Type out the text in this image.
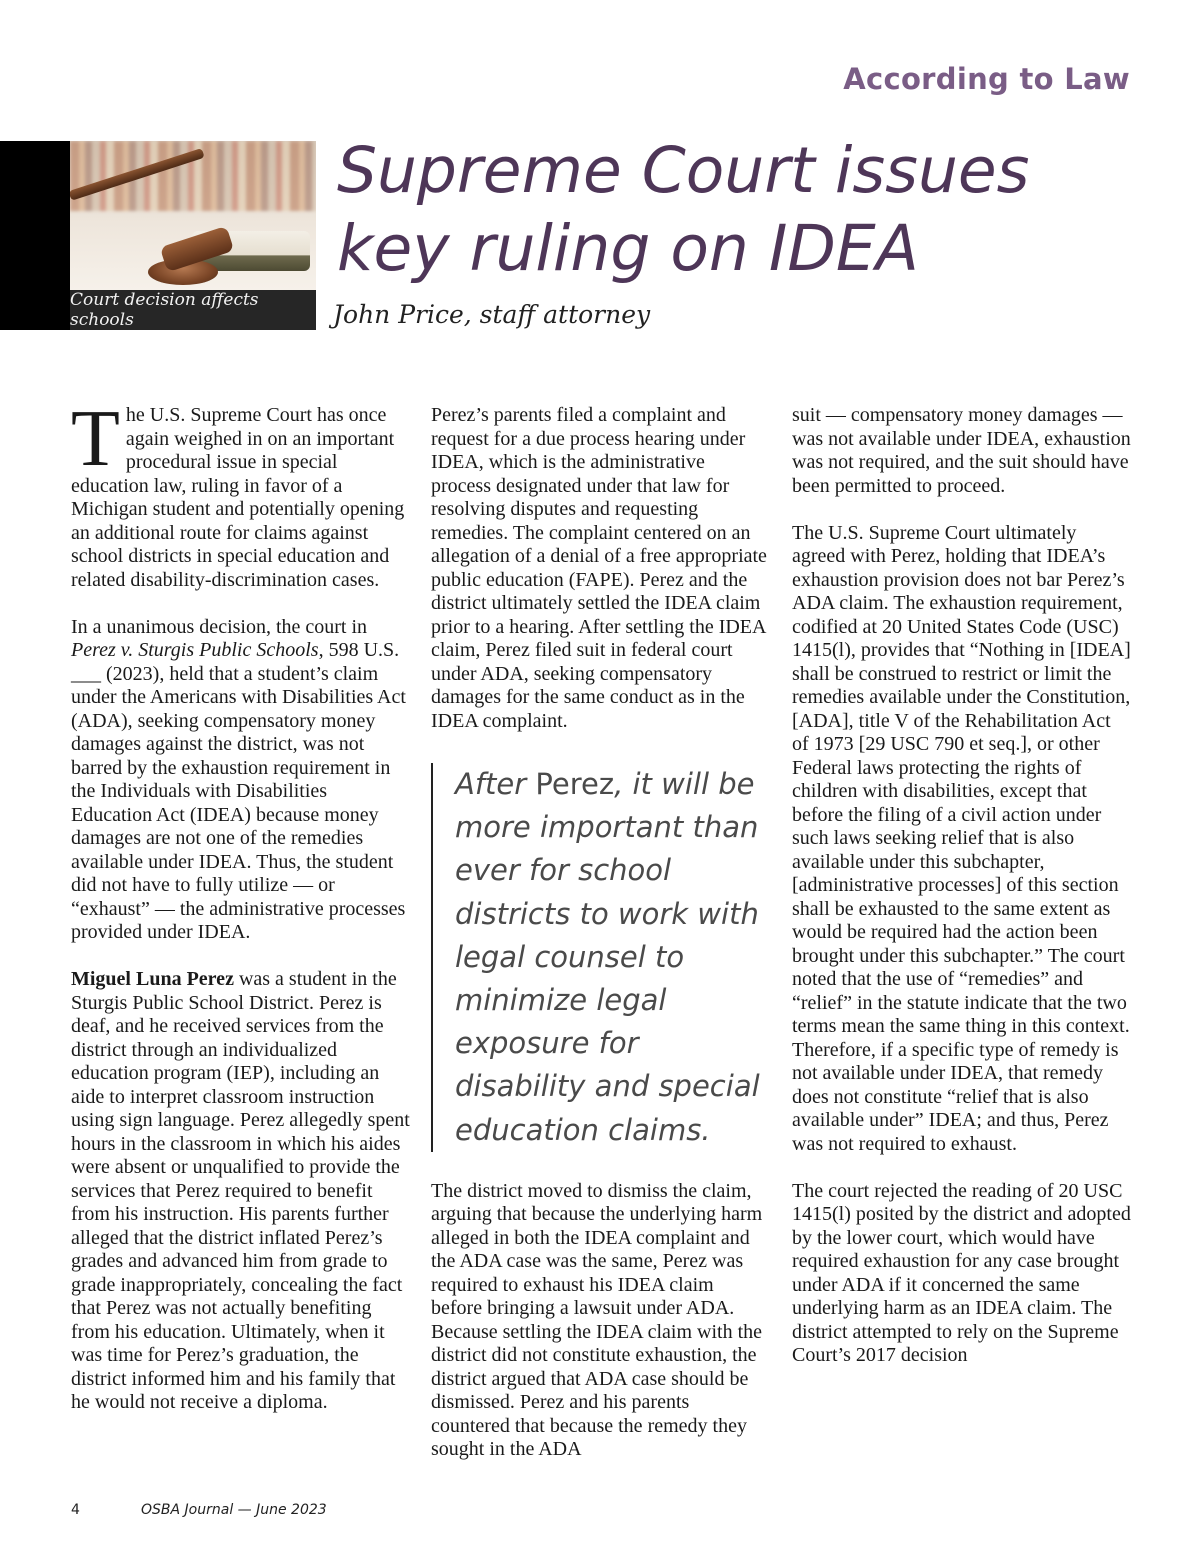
According to Law
Court decision affects schools
Supreme Court issues key ruling on IDEA
John Price, staff attorney

The U.S. Supreme Court has once again weighed in on an important procedural issue in special education law, ruling in favor of a Michigan student and potentially opening an additional route for claims against school districts in special education and related disability-discrimination cases.

In a unanimous decision, the court in Perez v. Sturgis Public Schools, 598 U.S. ___ (2023), held that a student’s claim under the Americans with Disabilities Act (ADA), seeking compensatory money damages against the district, was not barred by the exhaustion requirement in the Individuals with Disabilities Education Act (IDEA) because money damages are not one of the remedies available under IDEA. Thus, the student did not have to fully utilize — or “exhaust” — the administrative processes provided under IDEA.

Miguel Luna Perez was a student in the Sturgis Public School District. Perez is deaf, and he received services from the district through an individualized education program (IEP), including an aide to interpret classroom instruction using sign language. Perez allegedly spent hours in the classroom in which his aides were absent or unqualified to provide the services that Perez required to benefit from his instruction. His parents further alleged that the district inflated Perez’s grades and advanced him from grade to grade inappropriately, concealing the fact that Perez was not actually benefiting from his education. Ultimately, when it was time for Perez’s graduation, the district informed him and his family that he would not receive a diploma.

Perez’s parents filed a complaint and request for a due process hearing under IDEA, which is the administrative process designated under that law for resolving disputes and requesting remedies. The complaint centered on an allegation of a denial of a free appropriate public education (FAPE). Perez and the district ultimately settled the IDEA claim prior to a hearing. After settling the IDEA claim, Perez filed suit in federal court under ADA, seeking compensatory damages for the same conduct as in the IDEA complaint.

After Perez, it will be more important than ever for school districts to work with legal counsel to minimize legal exposure for disability and special education claims.

The district moved to dismiss the claim, arguing that because the underlying harm alleged in both the IDEA complaint and the ADA case was the same, Perez was required to exhaust his IDEA claim before bringing a lawsuit under ADA. Because settling the IDEA claim with the district did not constitute exhaustion, the district argued that ADA case should be dismissed. Perez and his parents countered that because the remedy they sought in the ADA

suit — compensatory money damages — was not available under IDEA, exhaustion was not required, and the suit should have been permitted to proceed.

The U.S. Supreme Court ultimately agreed with Perez, holding that IDEA’s exhaustion provision does not bar Perez’s ADA claim. The exhaustion requirement, codified at 20 United States Code (USC) 1415(l), provides that “Nothing in [IDEA] shall be construed to restrict or limit the remedies available under the Constitution, [ADA], title V of the Rehabilitation Act of 1973 [29 USC 790 et seq.], or other Federal laws protecting the rights of children with disabilities, except that before the filing of a civil action under such laws seeking relief that is also available under this subchapter, [administrative processes] of this section shall be exhausted to the same extent as would be required had the action been brought under this subchapter.” The court noted that the use of “remedies” and “relief” in the statute indicate that the two terms mean the same thing in this context. Therefore, if a specific type of remedy is not available under IDEA, that remedy does not constitute “relief that is also available under” IDEA; and thus, Perez was not required to exhaust.

The court rejected the reading of 20 USC 1415(l) posited by the district and adopted by the lower court, which would have required exhaustion for any case brought under ADA if it concerned the same underlying harm as an IDEA claim. The district attempted to rely on the Supreme Court’s 2017 decision

4	OSBA Journal — June 2023
